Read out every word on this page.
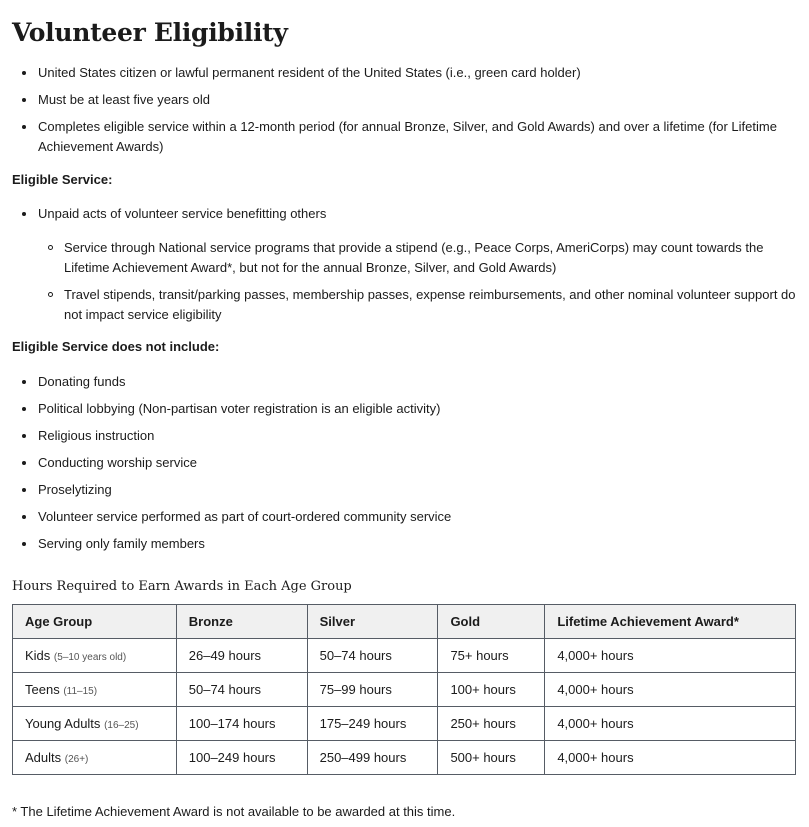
Volunteer Eligibility
United States citizen or lawful permanent resident of the United States (i.e., green card holder)
Must be at least five years old
Completes eligible service within a 12-month period (for annual Bronze, Silver, and Gold Awards) and over a lifetime (for Lifetime Achievement Awards)
Eligible Service:
Unpaid acts of volunteer service benefitting others
Service through National service programs that provide a stipend (e.g., Peace Corps, AmeriCorps) may count towards the Lifetime Achievement Award*, but not for the annual Bronze, Silver, and Gold Awards)
Travel stipends, transit/parking passes, membership passes, expense reimbursements, and other nominal volunteer support do not impact service eligibility
Eligible Service does not include:
Donating funds
Political lobbying (Non-partisan voter registration is an eligible activity)
Religious instruction
Conducting worship service
Proselytizing
Volunteer service performed as part of court-ordered community service
Serving only family members
Hours Required to Earn Awards in Each Age Group
Age Group	Bronze	Silver	Gold	Lifetime Achievement Award*
Kids (5–10 years old)	26–49 hours	50–74 hours	75+ hours	4,000+ hours
Teens (11–15)	50–74 hours	75–99 hours	100+ hours	4,000+ hours
Young Adults (16–25)	100–174 hours	175–249 hours	250+ hours	4,000+ hours
Adults (26+)	100–249 hours	250–499 hours	500+ hours	4,000+ hours
* The Lifetime Achievement Award is not available to be awarded at this time.
